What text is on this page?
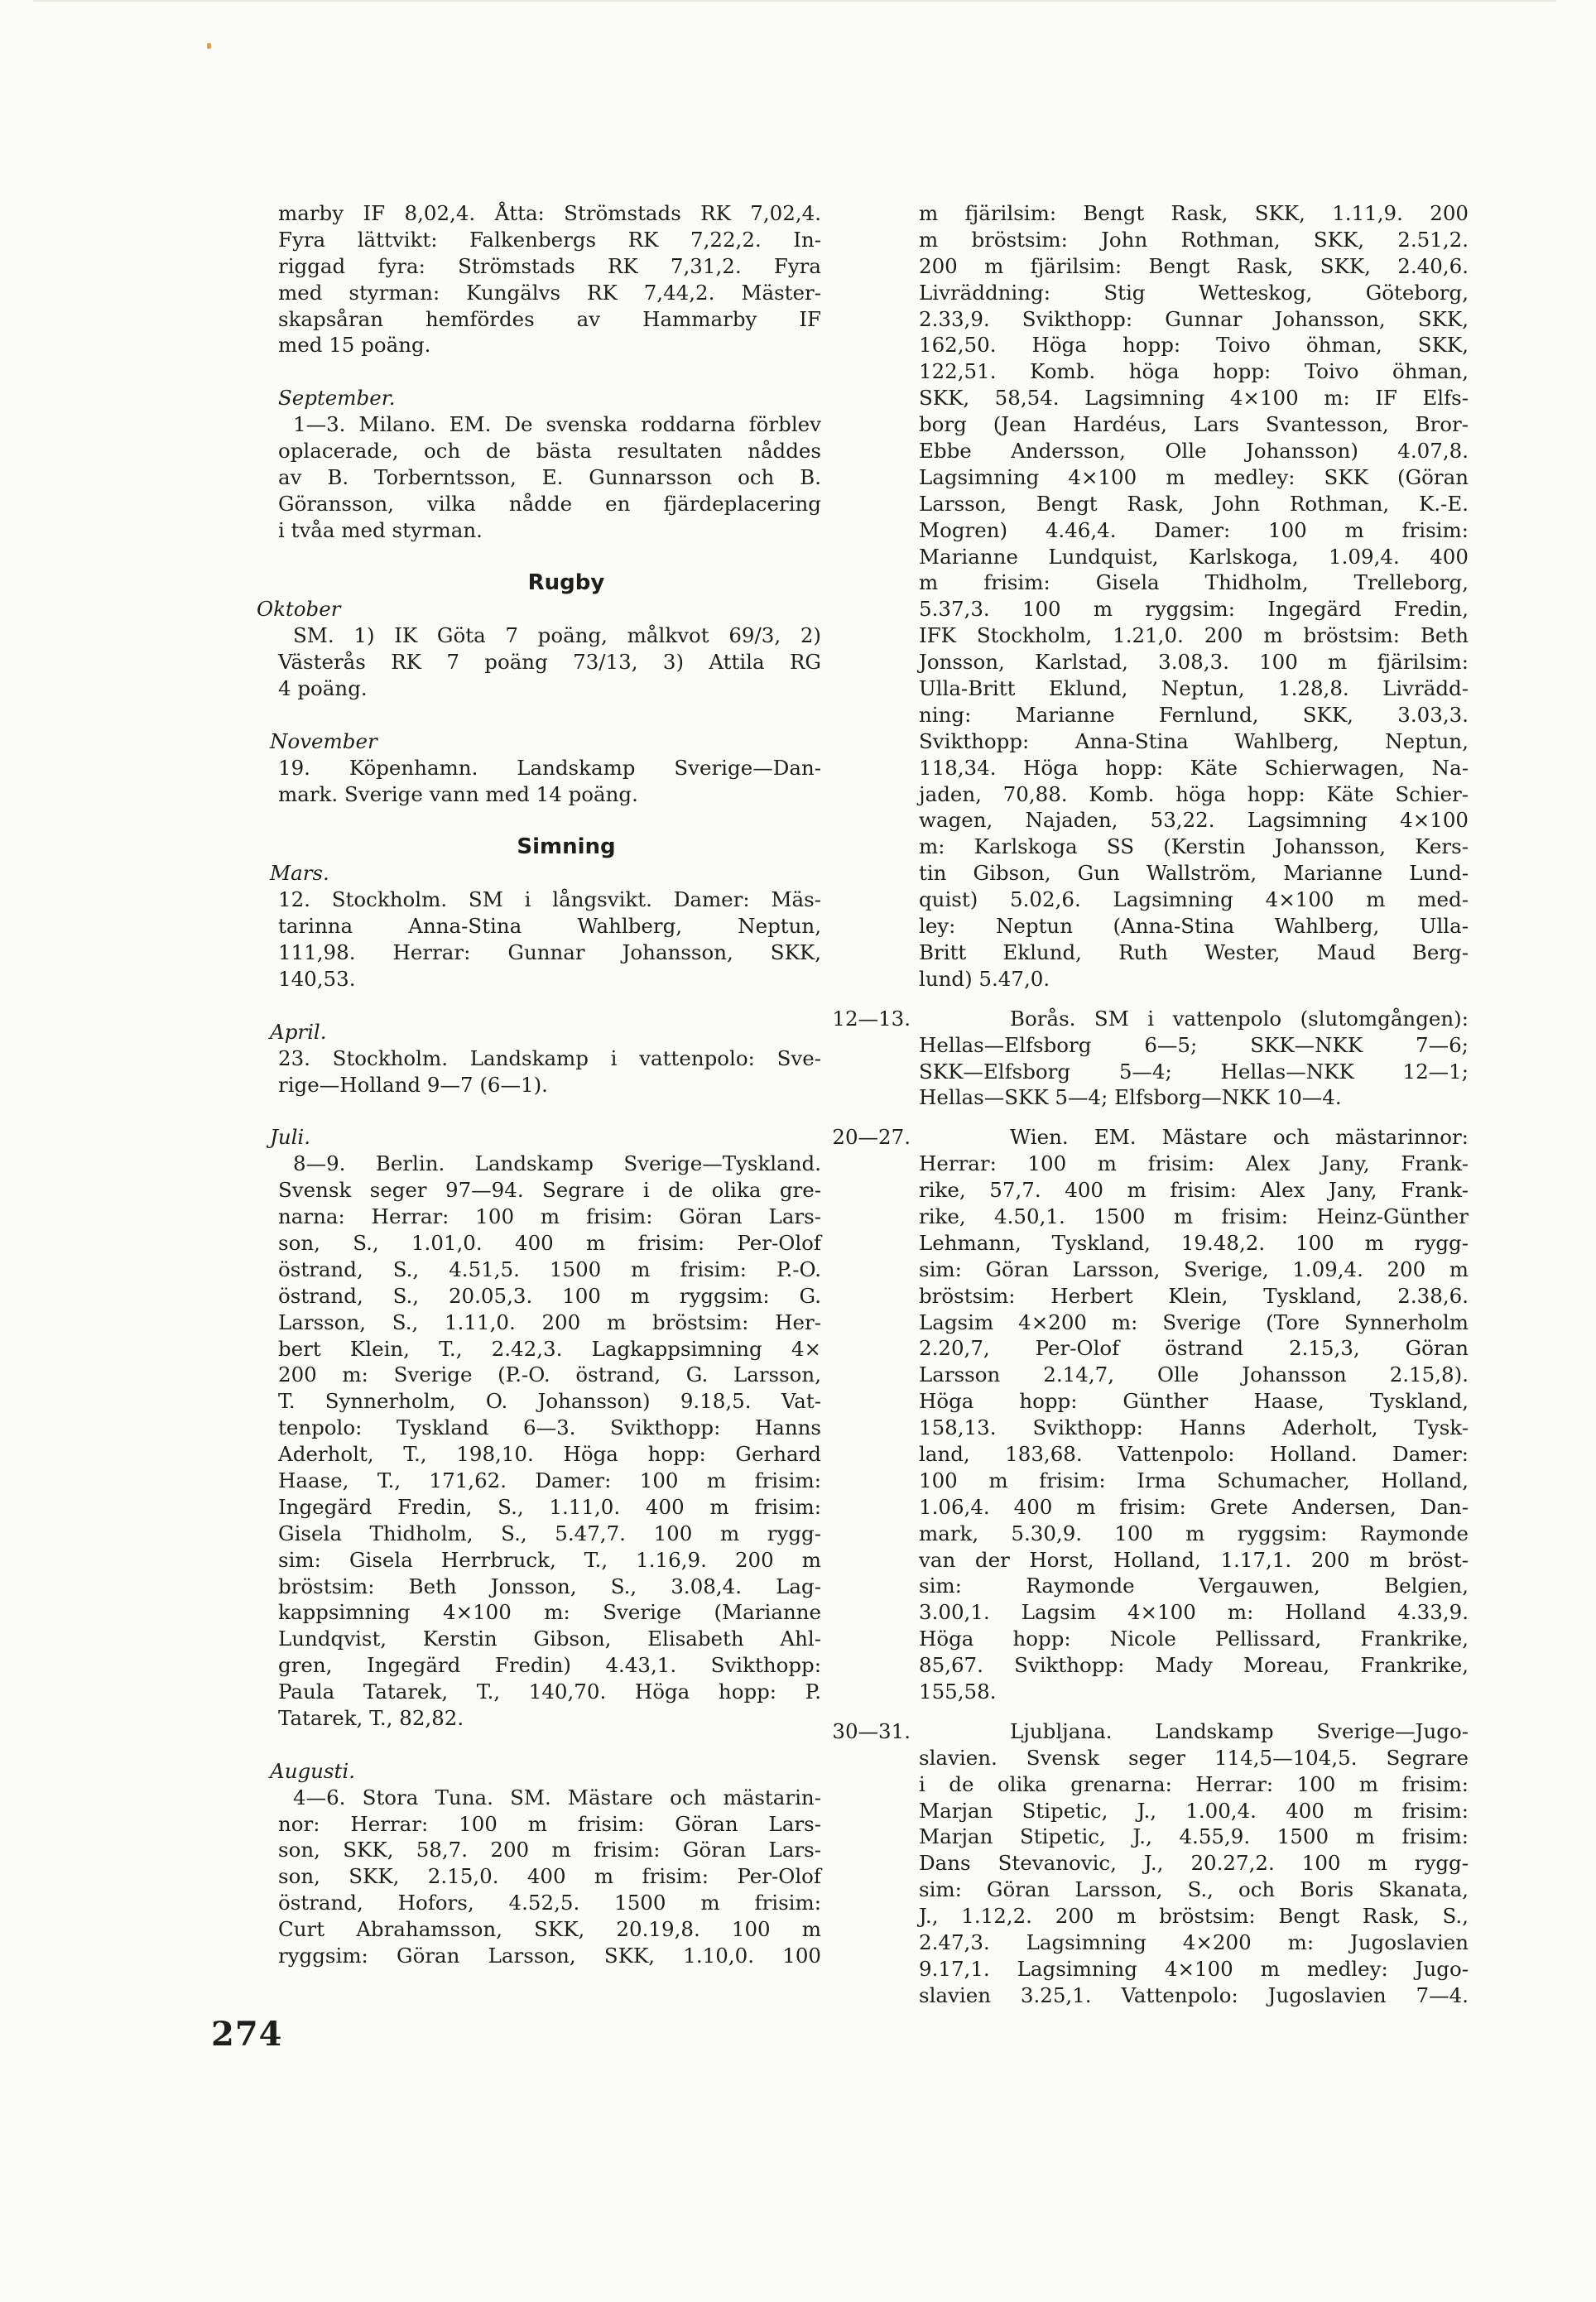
marby IF 8,02,4. Åtta: Strömstads RK 7,02,4.
Fyra lättvikt: Falkenbergs RK 7,22,2. In-
riggad fyra: Strömstads RK 7,31,2. Fyra
med styrman: Kungälvs RK 7,44,2. Mäster-
skapsåran hemfördes av Hammarby IF
med 15 poäng.
September.
1—3. Milano. EM. De svenska roddarna förblev
oplacerade, och de bästa resultaten nåddes
av B. Torberntsson, E. Gunnarsson och B.
Göransson, vilka nådde en fjärdeplacering
i tvåa med styrman.
Rugby
Oktober
SM. 1) IK Göta 7 poäng, målkvot 69/3, 2)
Västerås RK 7 poäng 73/13, 3) Attila RG
4 poäng.
November
19. Köpenhamn. Landskamp Sverige—Dan-
mark. Sverige vann med 14 poäng.
Simning
Mars.
12. Stockholm. SM i långsvikt. Damer: Mäs-
tarinna Anna-Stina Wahlberg, Neptun,
111,98. Herrar: Gunnar Johansson, SKK,
140,53.
April.
23. Stockholm. Landskamp i vattenpolo: Sve-
rige—Holland 9—7 (6—1).
Juli.
8—9. Berlin. Landskamp Sverige—Tyskland.
Svensk seger 97—94. Segrare i de olika gre-
narna: Herrar: 100 m frisim: Göran Lars-
son, S., 1.01,0. 400 m frisim: Per-Olof
östrand, S., 4.51,5. 1500 m frisim: P.-O.
östrand, S., 20.05,3. 100 m ryggsim: G.
Larsson, S., 1.11,0. 200 m bröstsim: Her-
bert Klein, T., 2.42,3. Lagkappsimning 4×
200 m: Sverige (P.-O. östrand, G. Larsson,
T. Synnerholm, O. Johansson) 9.18,5. Vat-
tenpolo: Tyskland 6—3. Svikthopp: Hanns
Aderholt, T., 198,10. Höga hopp: Gerhard
Haase, T., 171,62. Damer: 100 m frisim:
Ingegärd Fredin, S., 1.11,0. 400 m frisim:
Gisela Thidholm, S., 5.47,7. 100 m rygg-
sim: Gisela Herrbruck, T., 1.16,9. 200 m
bröstsim: Beth Jonsson, S., 3.08,4. Lag-
kappsimning 4×100 m: Sverige (Marianne
Lundqvist, Kerstin Gibson, Elisabeth Ahl-
gren, Ingegärd Fredin) 4.43,1. Svikthopp:
Paula Tatarek, T., 140,70. Höga hopp: P.
Tatarek, T., 82,82.
Augusti.
4—6. Stora Tuna. SM. Mästare och mästarin-
nor: Herrar: 100 m frisim: Göran Lars-
son, SKK, 58,7. 200 m frisim: Göran Lars-
son, SKK, 2.15,0. 400 m frisim: Per-Olof
östrand, Hofors, 4.52,5. 1500 m frisim:
Curt Abrahamsson, SKK, 20.19,8. 100 m
ryggsim: Göran Larsson, SKK, 1.10,0. 100
m fjärilsim: Bengt Rask, SKK, 1.11,9. 200
m bröstsim: John Rothman, SKK, 2.51,2.
200 m fjärilsim: Bengt Rask, SKK, 2.40,6.
Livräddning: Stig Wetteskog, Göteborg,
2.33,9. Svikthopp: Gunnar Johansson, SKK,
162,50. Höga hopp: Toivo öhman, SKK,
122,51. Komb. höga hopp: Toivo öhman,
SKK, 58,54. Lagsimning 4×100 m: IF Elfs-
borg (Jean Hardéus, Lars Svantesson, Bror-
Ebbe Andersson, Olle Johansson) 4.07,8.
Lagsimning 4×100 m medley: SKK (Göran
Larsson, Bengt Rask, John Rothman, K.-E.
Mogren) 4.46,4. Damer: 100 m frisim:
Marianne Lundquist, Karlskoga, 1.09,4. 400
m frisim: Gisela Thidholm, Trelleborg,
5.37,3. 100 m ryggsim: Ingegärd Fredin,
IFK Stockholm, 1.21,0. 200 m bröstsim: Beth
Jonsson, Karlstad, 3.08,3. 100 m fjärilsim:
Ulla-Britt Eklund, Neptun, 1.28,8. Livrädd-
ning: Marianne Fernlund, SKK, 3.03,3.
Svikthopp: Anna-Stina Wahlberg, Neptun,
118,34. Höga hopp: Käte Schierwagen, Na-
jaden, 70,88. Komb. höga hopp: Käte Schier-
wagen, Najaden, 53,22. Lagsimning 4×100
m: Karlskoga SS (Kerstin Johansson, Kers-
tin Gibson, Gun Wallström, Marianne Lund-
quist) 5.02,6. Lagsimning 4×100 m med-
ley: Neptun (Anna-Stina Wahlberg, Ulla-
Britt Eklund, Ruth Wester, Maud Berg-
lund) 5.47,0.
12—13.	Borås. SM i vattenpolo (slutomgången):
Hellas—Elfsborg 6—5; SKK—NKK 7—6;
SKK—Elfsborg 5—4; Hellas—NKK 12—1;
Hellas—SKK 5—4; Elfsborg—NKK 10—4.
20—27.	Wien. EM. Mästare och mästarinnor:
Herrar: 100 m frisim: Alex Jany, Frank-
rike, 57,7. 400 m frisim: Alex Jany, Frank-
rike, 4.50,1. 1500 m frisim: Heinz-Günther
Lehmann, Tyskland, 19.48,2. 100 m rygg-
sim: Göran Larsson, Sverige, 1.09,4. 200 m
bröstsim: Herbert Klein, Tyskland, 2.38,6.
Lagsim 4×200 m: Sverige (Tore Synnerholm
2.20,7, Per-Olof östrand 2.15,3, Göran
Larsson 2.14,7, Olle Johansson 2.15,8).
Höga hopp: Günther Haase, Tyskland,
158,13. Svikthopp: Hanns Aderholt, Tysk-
land, 183,68. Vattenpolo: Holland. Damer:
100 m frisim: Irma Schumacher, Holland,
1.06,4. 400 m frisim: Grete Andersen, Dan-
mark, 5.30,9. 100 m ryggsim: Raymonde
van der Horst, Holland, 1.17,1. 200 m bröst-
sim: Raymonde Vergauwen, Belgien,
3.00,1. Lagsim 4×100 m: Holland 4.33,9.
Höga hopp: Nicole Pellissard, Frankrike,
85,67. Svikthopp: Mady Moreau, Frankrike,
155,58.
30—31.	Ljubljana. Landskamp Sverige—Jugo-
slavien. Svensk seger 114,5—104,5. Segrare
i de olika grenarna: Herrar: 100 m frisim:
Marjan Stipetic, J., 1.00,4. 400 m frisim:
Marjan Stipetic, J., 4.55,9. 1500 m frisim:
Dans Stevanovic, J., 20.27,2. 100 m rygg-
sim: Göran Larsson, S., och Boris Skanata,
J., 1.12,2. 200 m bröstsim: Bengt Rask, S.,
2.47,3. Lagsimning 4×200 m: Jugoslavien
9.17,1. Lagsimning 4×100 m medley: Jugo-
slavien 3.25,1. Vattenpolo: Jugoslavien 7—4.
274
